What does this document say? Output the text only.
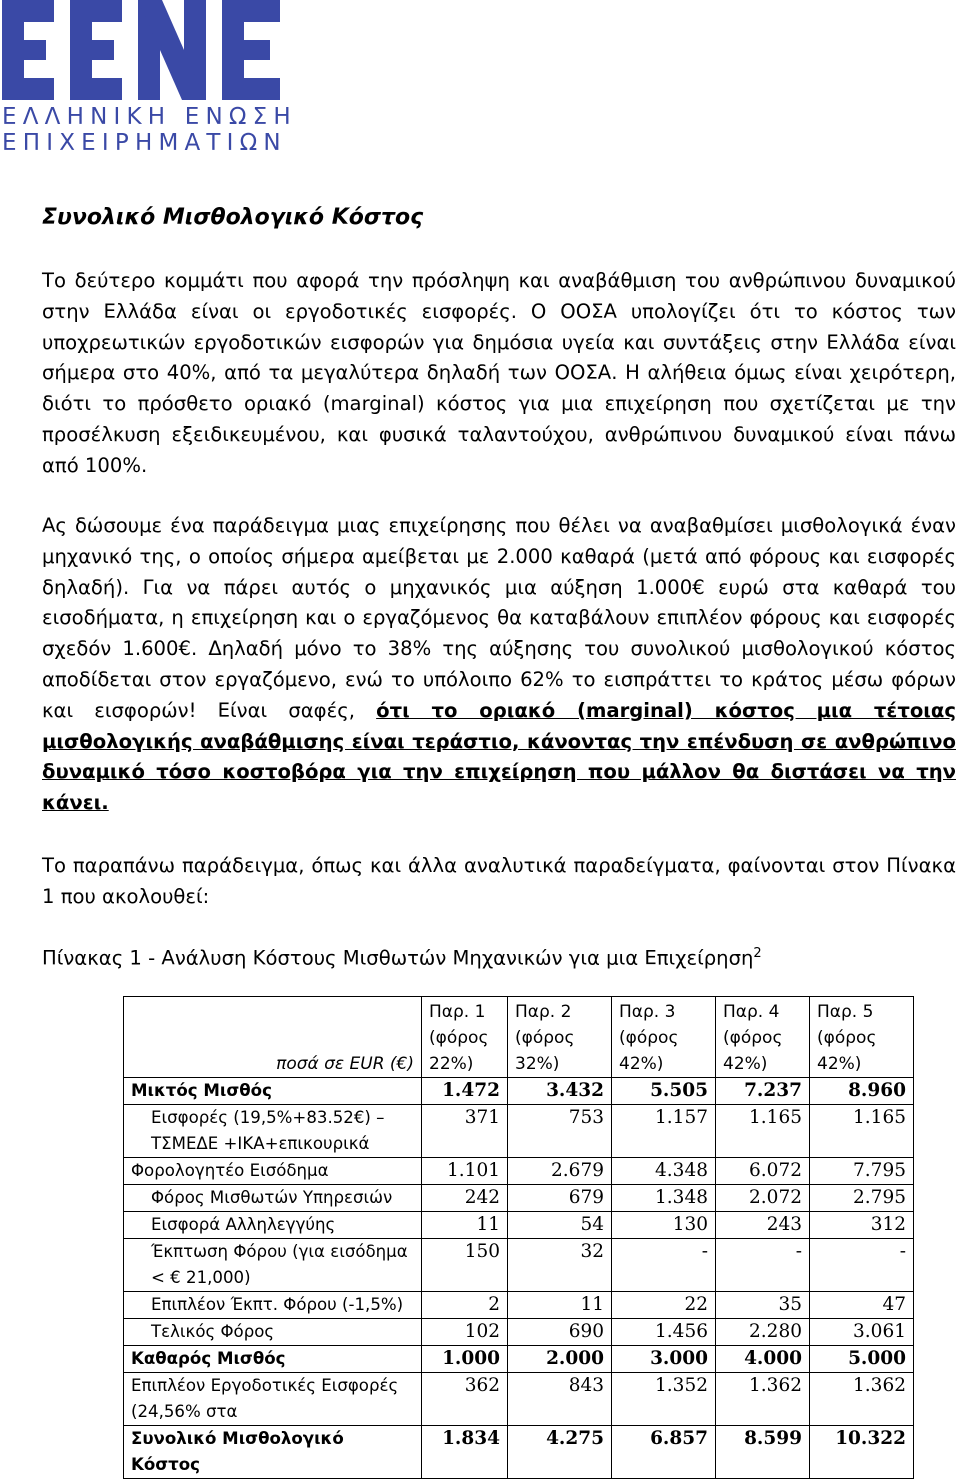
ΕΛΛΗΝΙΚΗ ΕΝΩΣΗ
ΕΠΙΧΕΙΡΗΜΑΤΙΩΝ
Συνολικό Μισθολογικό Κόστος

Το δεύτερο κομμάτι που αφορά την πρόσληψη και αναβάθμιση του ανθρώπινου δυναμικού στην Ελλάδα είναι οι εργοδοτικές εισφορές. Ο ΟΟΣΑ υπολογίζει ότι το κόστος των υποχρεωτικών εργοδοτικών εισφορών για δημόσια υγεία και συντάξεις στην Ελλάδα είναι σήμερα στο 40%, από τα μεγαλύτερα δηλαδή των ΟΟΣΑ. Η αλήθεια όμως είναι χειρότερη, διότι το πρόσθετο οριακό (marginal) κόστος για μια επιχείρηση που σχετίζεται με την προσέλκυση εξειδικευμένου, και φυσικά ταλαντούχου, ανθρώπινου δυναμικού είναι πάνω από 100%.

Ας δώσουμε ένα παράδειγμα μιας επιχείρησης που θέλει να αναβαθμίσει μισθολογικά έναν μηχανικό της, ο οποίος σήμερα αμείβεται με 2.000 καθαρά (μετά από φόρους και εισφορές δηλαδή). Για να πάρει αυτός ο μηχανικός μια αύξηση 1.000€ ευρώ στα καθαρά του εισοδήματα, η επιχείρηση και ο εργαζόμενος θα καταβάλουν επιπλέον φόρους και εισφορές σχεδόν 1.600€. Δηλαδή μόνο το 38% της αύξησης του συνολικού μισθολογικού κόστος αποδίδεται στον εργαζόμενο, ενώ το υπόλοιπο 62% το εισπράττει το κράτος μέσω φόρων και εισφορών! Είναι σαφές, ότι το οριακό (marginal) κόστος μια τέτοιας μισθολογικής αναβάθμισης είναι τεράστιο, κάνοντας την επένδυση σε ανθρώπινο δυναμικό τόσο κοστοβόρα για την επιχείρηση που μάλλον θα διστάσει να την κάνει.

Το παραπάνω παράδειγμα, όπως και άλλα αναλυτικά παραδείγματα, φαίνονται στον Πίνακα 1 που ακολουθεί:

Πίνακας 1 - Ανάλυση Κόστους Μισθωτών Μηχανικών για μια Επιχείρηση$^2$

ποσά σε EUR (€)	Παρ. 1 (φόρος 22%)	Παρ. 2 (φόρος 32%)	Παρ. 3 (φόρος 42%)	Παρ. 4 (φόρος 42%)	Παρ. 5 (φόρος 42%)
Μικτός Μισθός	1.472	3.432	5.505	7.237	8.960
Εισφορές (19,5%+83.52€) – ΤΣΜΕΔΕ +ΙΚΑ+επικουρικά	371	753	1.157	1.165	1.165
Φορολογητέο Εισόδημα	1.101	2.679	4.348	6.072	7.795
Φόρος Μισθωτών Υπηρεσιών	242	679	1.348	2.072	2.795
Εισφορά Αλληλεγγύης	11	54	130	243	312
Έκπτωση Φόρου (για εισόδημα < € 21,000)	150	32	-	-	-
Επιπλέον Έκπτ. Φόρου (-1,5%)	2	11	22	35	47
Τελικός Φόρος	102	690	1.456	2.280	3.061
Καθαρός Μισθός	1.000	2.000	3.000	4.000	5.000
Επιπλέον Εργοδοτικές Εισφορές (24,56% στα	362	843	1.352	1.362	1.362
Συνολικό Μισθολογικό Κόστος	1.834	4.275	6.857	8.599	10.322
